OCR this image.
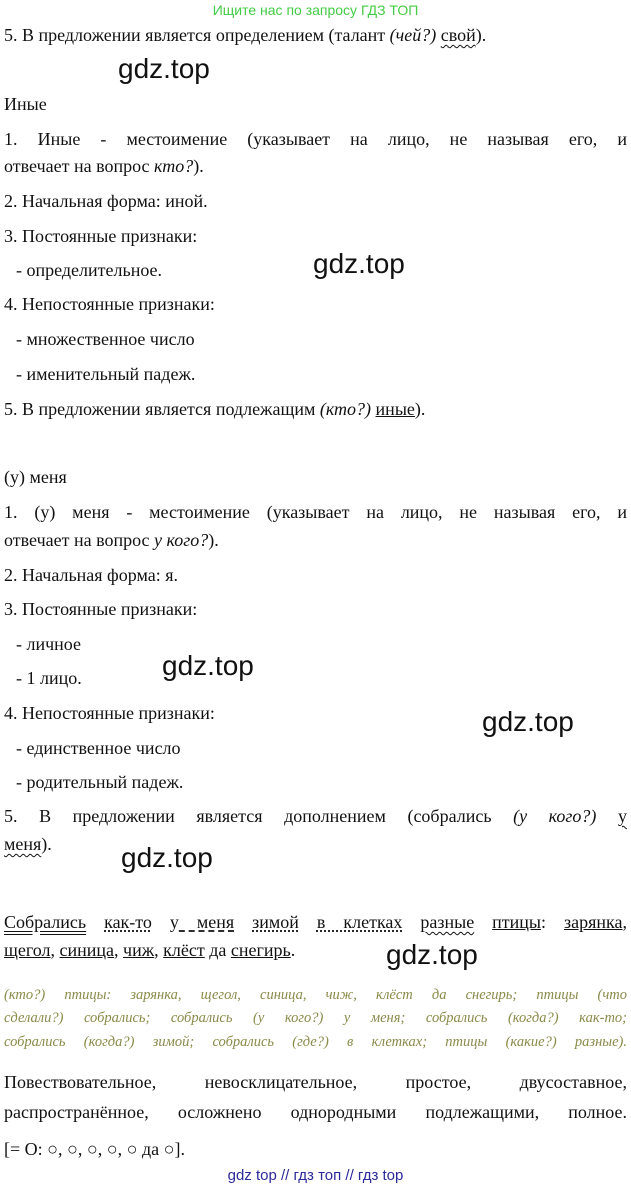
Ищите нас по запросу ГДЗ ТОП
5. В предложении является определением (талант (чей?) свой).
gdz.top
Иные
1. Иные - местоимение (указывает на лицо, не называя его, и
отвечает на вопрос кто?).
2. Начальная форма: иной.
3. Постоянные признаки:
- определительное.	gdz.top
4. Непостоянные признаки:
- множественное число
- именительный падеж.
5. В предложении является подлежащим (кто?) иные).
(у) меня
1. (у) меня - местоимение (указывает на лицо, не называя его, и
отвечает на вопрос у кого?).
2. Начальная форма: я.
3. Постоянные признаки:
- личное
gdz.top
- 1 лицо.
4. Непостоянные признаки:	gdz.top
- единственное число
- родительный падеж.
5. В предложении является дополнением (собрались (у кого?) у
меня). gdz.top
Собрались как-то у меня зимой в клетках разные птицы: зарянка,
щегол, синица, чиж, клёст да снегирь.	gdz.top
(кто?) птицы: зарянка, щегол, синица, чиж, клёст да снегирь; птицы (что
сделали?) собрались; собрались (у кого?) у меня; собрались (когда?) как-то;
собрались (когда?) зимой; собрались (где?) в клетках; птицы (какие?) разные).
Повествовательное, невосклицательное, простое, двусоставное,
распространённое, осложнено однородными подлежащими, полное.
[= Ο: ○, ○, ○, ○, ○ да ○].
gdz top // гдз топ // гдз top
